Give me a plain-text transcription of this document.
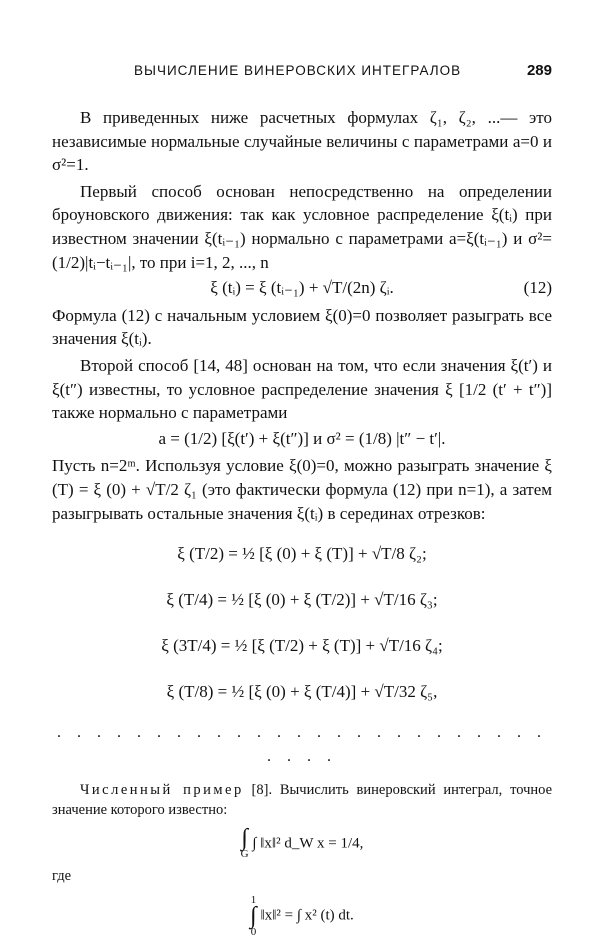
ВЫЧИСЛЕНИЕ ВИНЕРОВСКИХ ИНТЕГРАЛОВ	289

В приведенных ниже расчетных формулах ζ₁, ζ₂, ...— это независимые нормальные случайные величины с параметрами a=0 и σ²=1.

Первый способ основан непосредственно на определении броуновского движения: так как условное распределение ξ(tᵢ) при известном значении ξ(tᵢ₋₁) нормально с параметрами a=ξ(tᵢ₋₁) и σ²=(1/2)|tᵢ−tᵢ₋₁|, то при i=1, 2, ..., n

ξ (tᵢ) = ξ (tᵢ₋₁) + √T/(2n) ζᵢ.	(12)

Формула (12) с начальным условием ξ(0)=0 позволяет разыграть все значения ξ(tᵢ).

Второй способ [14, 48] основан на том, что если значения ξ(t′) и ξ(t″) известны, то условное распределение значения ξ [1/2 (t′ + t″)] также нормально с параметрами

a = (1/2) [ξ(t′) + ξ(t″)] и σ² = (1/8) |t″ − t′|.

Пусть n=2ᵐ. Используя условие ξ(0)=0, можно разыграть значение ξ (T) = ξ (0) + √T/2 ζ₁ (это фактически формула (12) при n=1), а затем разыгрывать остальные значения ξ(tᵢ) в серединах отрезков:

ξ (T/2) = ½ [ξ (0) + ξ (T)] + √T/8 ζ₂;
ξ (T/4) = ½ [ξ (0) + ξ (T/2)] + √T/16 ζ₃;
ξ (3T/4) = ½ [ξ (T/2) + ξ (T)] + √T/16 ζ₄;
ξ (T/8) = ½ [ξ (0) + ξ (T/4)] + √T/32 ζ₅,
. . . . . . . . . . . . . . . . . . . . . . . . . . . . .

Численный пример [8]. Вычислить винеровский интеграл, точное значение которого известно:

∫
G
∫ ‖x‖² d_W x = 1/4,

где

1
∫
0
‖x‖² = ∫ x² (t) dt.
